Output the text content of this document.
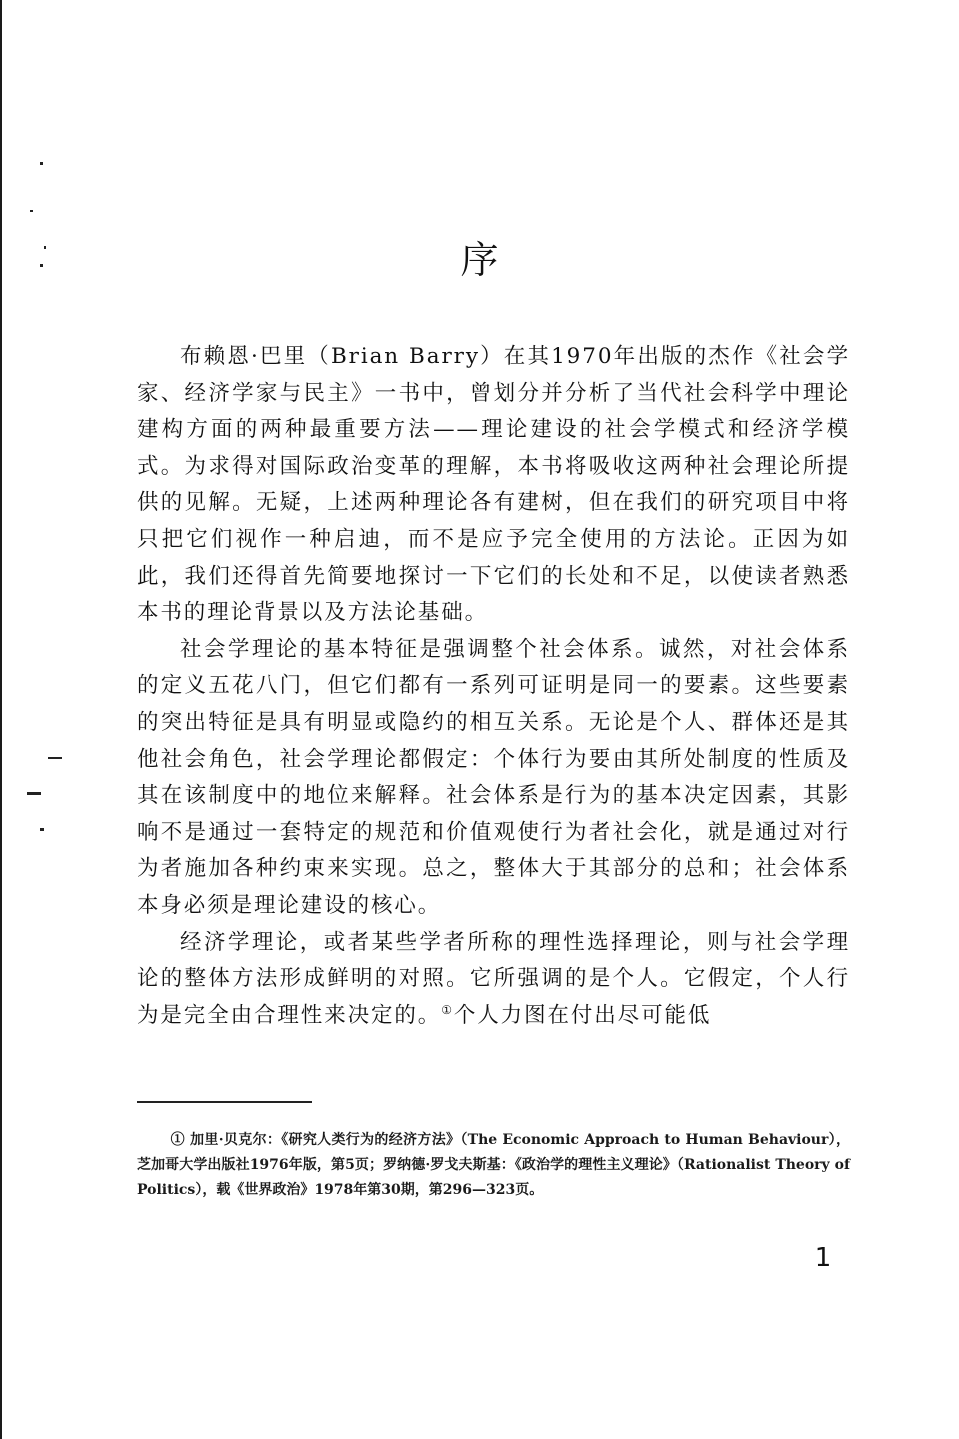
序

布赖恩·巴里（Brian Barry）在其1970年出版的杰作《社会学家、经济学家与民主》一书中，曾划分并分析了当代社会科学中理论建构方面的两种最重要方法——理论建设的社会学模式和经济学模式。为求得对国际政治变革的理解，本书将吸收这两种社会理论所提供的见解。无疑，上述两种理论各有建树，但在我们的研究项目中将只把它们视作一种启迪，而不是应予完全使用的方法论。正因为如此，我们还得首先简要地探讨一下它们的长处和不足，以使读者熟悉本书的理论背景以及方法论基础。

社会学理论的基本特征是强调整个社会体系。诚然，对社会体系的定义五花八门，但它们都有一系列可证明是同一的要素。这些要素的突出特征是具有明显或隐约的相互关系。无论是个人、群体还是其他社会角色，社会学理论都假定：个体行为要由其所处制度的性质及其在该制度中的地位来解释。社会体系是行为的基本决定因素，其影响不是通过一套特定的规范和价值观使行为者社会化，就是通过对行为者施加各种约束来实现。总之，整体大于其部分的总和；社会体系本身必须是理论建设的核心。

经济学理论，或者某些学者所称的理性选择理论，则与社会学理论的整体方法形成鲜明的对照。它所强调的是个人。它假定，个人行为是完全由合理性来决定的。①个人力图在付出尽可能低

① 加里·贝克尔：《研究人类行为的经济方法》（The Economic Approach to Human Behaviour），芝加哥大学出版社1976年版，第5页；罗纳德·罗戈夫斯基：《政治学的理性主义理论》（Rationalist Theory of Politics），载《世界政治》1978年第30期，第296—323页。

1
